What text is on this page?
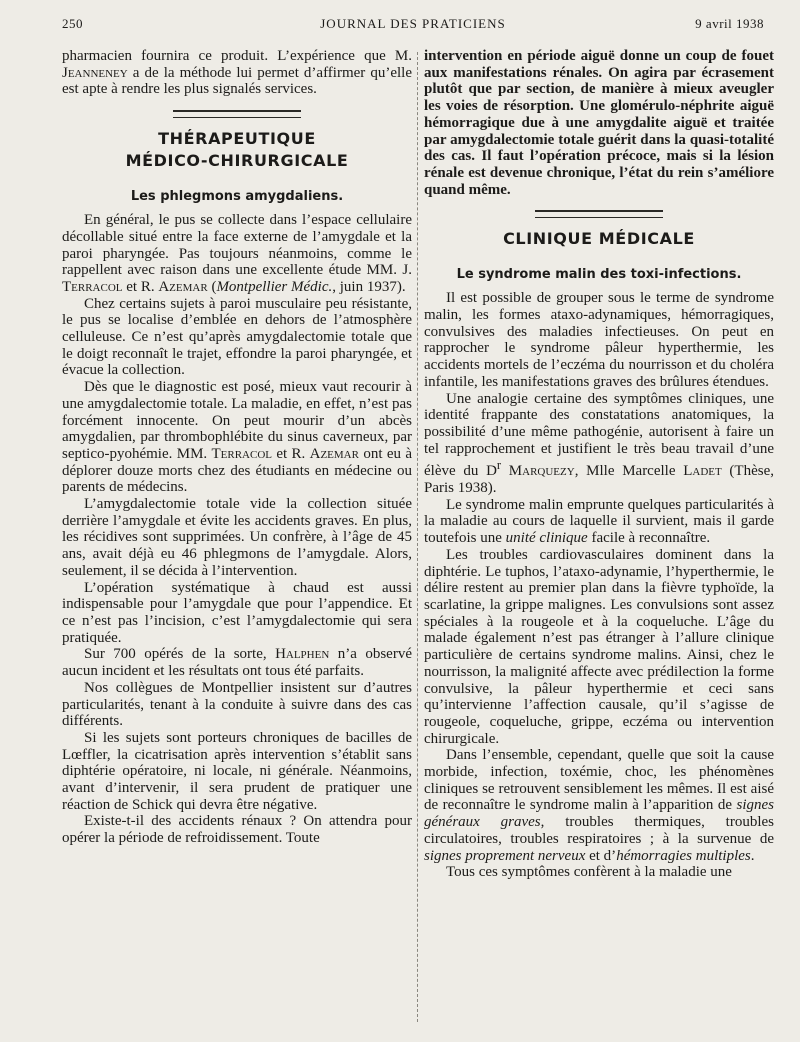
250	JOURNAL DES PRATICIENS	9 avril 1938

pharmacien fournira ce produit. L’expérience que M. Jeanneney a de la méthode lui permet d’affirmer qu’elle est apte à rendre les plus signalés services.

THÉRAPEUTIQUE
MÉDICO-CHIRURGICALE
Les phlegmons amygdaliens.

En général, le pus se collecte dans l’espace cellulaire décollable situé entre la face externe de l’amygdale et la paroi pharyngée. Pas toujours néanmoins, comme le rappellent avec raison dans une excellente étude MM. J. Terracol et R. Azemar (Montpellier Médic., juin 1937).

Chez certains sujets à paroi musculaire peu résistante, le pus se localise d’emblée en dehors de l’atmosphère celluleuse. Ce n’est qu’après amygdalectomie totale que le doigt reconnaît le trajet, effondre la paroi pharyngée, et évacue la collection.

Dès que le diagnostic est posé, mieux vaut recourir à une amygdalectomie totale. La maladie, en effet, n’est pas forcément innocente. On peut mourir d’un abcès amygdalien, par thrombophlébite du sinus caverneux, par septico-pyohémie. MM. Terracol et R. Azemar ont eu à déplorer douze morts chez des étudiants en médecine ou parents de médecins.

L’amygdalectomie totale vide la collection située derrière l’amygdale et évite les accidents graves. En plus, les récidives sont supprimées. Un confrère, à l’âge de 45 ans, avait déjà eu 46 phlegmons de l’amygdale. Alors, seulement, il se décida à l’intervention.

L’opération systématique à chaud est aussi indispensable pour l’amygdale que pour l’appendice. Et ce n’est pas l’incision, c’est l’amygdalectomie qui sera pratiquée.

Sur 700 opérés de la sorte, Halphen n’a observé aucun incident et les résultats ont tous été parfaits.

Nos collègues de Montpellier insistent sur d’autres particularités, tenant à la conduite à suivre dans des cas différents.

Si les sujets sont porteurs chroniques de bacilles de Lœffler, la cicatrisation après intervention s’établit sans diphtérie opératoire, ni locale, ni générale. Néanmoins, avant d’intervenir, il sera prudent de pratiquer une réaction de Schick qui devra être négative.

Existe-t-il des accidents rénaux ? On attendra pour opérer la période de refroidissement. Toute

intervention en période aiguë donne un coup de fouet aux manifestations rénales. On agira par écrasement plutôt que par section, de manière à mieux aveugler les voies de résorption. Une glomérulo-néphrite aiguë hémorragique due à une amygdalite aiguë et traitée par amygdalectomie totale guérit dans la quasi-totalité des cas. Il faut l’opération précoce, mais si la lésion rénale est devenue chronique, l’état du rein s’améliore quand même.

CLINIQUE MÉDICALE
Le syndrome malin des toxi-infections.

Il est possible de grouper sous le terme de syndrome malin, les formes ataxo-adynamiques, hémorragiques, convulsives des maladies infectieuses. On peut en rapprocher le syndrome pâleur hyperthermie, les accidents mortels de l’eczéma du nourrisson et du choléra infantile, les manifestations graves des brûlures étendues.

Une analogie certaine des symptômes cliniques, une identité frappante des constatations anatomiques, la possibilité d’une même pathogénie, autorisent à faire un tel rapprochement et justifient le très beau travail d’une élève du $D^r$ Marquezy, Mlle Marcelle Ladet (Thèse, Paris 1938).

Le syndrome malin emprunte quelques particularités à la maladie au cours de laquelle il survient, mais il garde toutefois une unité clinique facile à reconnaître.

Les troubles cardiovasculaires dominent dans la diphtérie. Le tuphos, l’ataxo-adynamie, l’hyperthermie, le délire restent au premier plan dans la fièvre typhoïde, la scarlatine, la grippe malignes. Les convulsions sont assez spéciales à la rougeole et à la coqueluche. L’âge du malade également n’est pas étranger à l’allure clinique particulière de certains syndrome malins. Ainsi, chez le nourrisson, la malignité affecte avec prédilection la forme convulsive, la pâleur hyperthermie et ceci sans qu’intervienne l’affection causale, qu’il s’agisse de rougeole, coqueluche, grippe, eczéma ou intervention chirurgicale.

Dans l’ensemble, cependant, quelle que soit la cause morbide, infection, toxémie, choc, les phénomènes cliniques se retrouvent sensiblement les mêmes. Il est aisé de reconnaître le syndrome malin à l’apparition de signes généraux graves, troubles thermiques, troubles circulatoires, troubles respiratoires ; à la survenue de signes proprement nerveux et d’hémorragies multiples.

Tous ces symptômes confèrent à la maladie une
